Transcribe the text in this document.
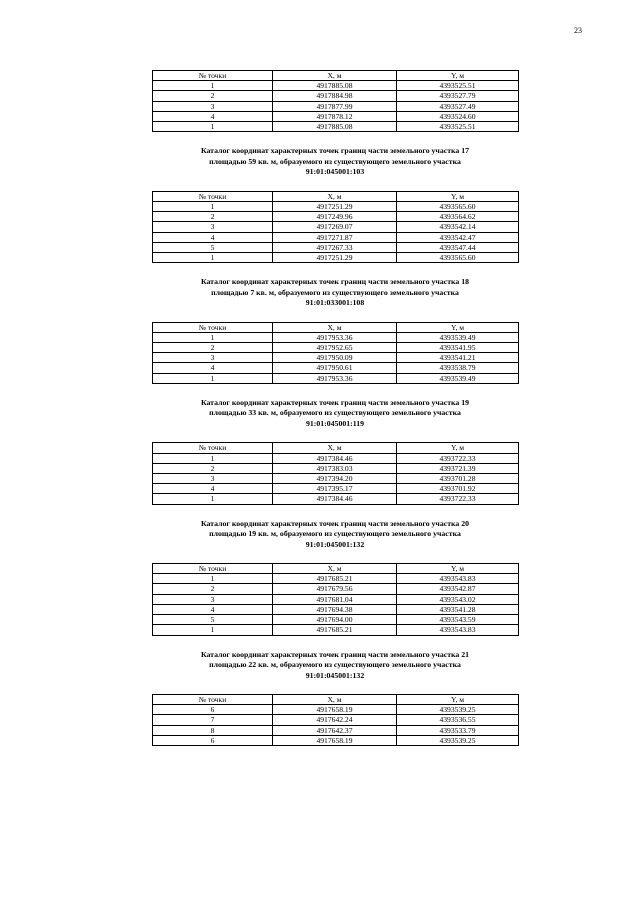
23
№ точки	X, м	Y, м
1	4917885.08	4393525.51
2	4917884.98	4393527.79
3	4917877.99	4393527.49
4	4917878.12	4393524.60
1	4917885.08	4393525.51
Каталог координат характерных точек границ части земельного участка 17
площадью 59 кв. м, образуемого из существующего земельного участка
91:01:045001:103
№ точки	X, м	Y, м
1	4917251.29	4393565.60
2	4917249.96	4393564.62
3	4917269.07	4393542.14
4	4917271.87	4393542.47
5	4917267.33	4393547.44
1	4917251.29	4393565.60
Каталог координат характерных точек границ части земельного участка 18
площадью 7 кв. м, образуемого из существующего земельного участка
91:01:033001:108
№ точки	X, м	Y, м
1	4917953.36	4393539.49
2	4917952.65	4393541.95
3	4917950.09	4393541.21
4	4917950.61	4393538.79
1	4917953.36	4393539.49
Каталог координат характерных точек границ части земельного участка 19
площадью 33 кв. м, образуемого из существующего земельного участка
91:01:045001:119
№ точки	X, м	Y, м
1	4917384.46	4393722.33
2	4917383.03	4393721.39
3	4917394.20	4393701.28
4	4917395.17	4393701.92
1	4917384.46	4393722.33
Каталог координат характерных точек границ части земельного участка 20
площадью 19 кв. м, образуемого из существующего земельного участка
91:01:045001:132
№ точки	X, м	Y, м
1	4917685.21	4393543.83
2	4917679.56	4393542.87
3	4917681.04	4393543.02
4	4917694.38	4393541.28
5	4917694.00	4393543.59
1	4917685.21	4393543.83
Каталог координат характерных точек границ части земельного участка 21
площадью 22 кв. м, образуемого из существующего земельного участка
91:01:045001:132
№ точки	X, м	Y, м
6	4917658.19	4393539.25
7	4917642.24	4393536.55
8	4917642.37	4393533.79
6	4917658.19	4393539.25
